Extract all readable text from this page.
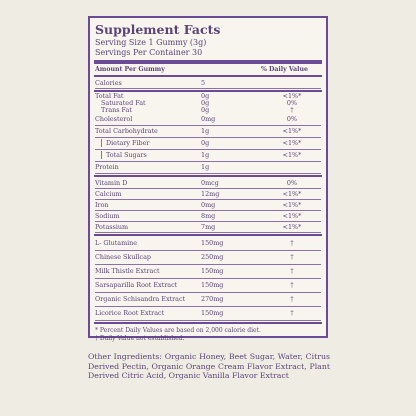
Supplement Facts
Serving Size 1 Gummy (3g)
Servings Per Container 30
Amount Per Gummy	% Daily Value
Calories	5
Total Fat	0g	<1%*
Saturated Fat	0g	0%
Trans Fat	0g	†
Cholesterol	0mg	0%
Total Carbohydrate	1g	<1%*
Dietary Fiber	0g	<1%*
Total Sugars	1g	<1%*
Protein	1g
Vitamin D	0mcg	0%
Calcium	12mg	<1%*
Iron	0mg	<1%*
Sodium	8mg	<1%*
Potassium	7mg	<1%*
L- Glutamine	150mg	†
Chinese Skullcap	250mg	†
Milk Thistle Extract	150mg	†
Sarsaparilla Root Extract	150mg	†
Organic Schisandra Extract	270mg	†
Licorice Root Extract	150mg	†
* Percent Daily Values are based on 2,000 calorie diet.
† Daily Value not established.
Other Ingredients: Organic Honey, Beet Sugar, Water, Citrus Derived Pectin, Organic Orange Cream Flavor Extract, Plant Derived Citric Acid, Organic Vanilla Flavor Extract
